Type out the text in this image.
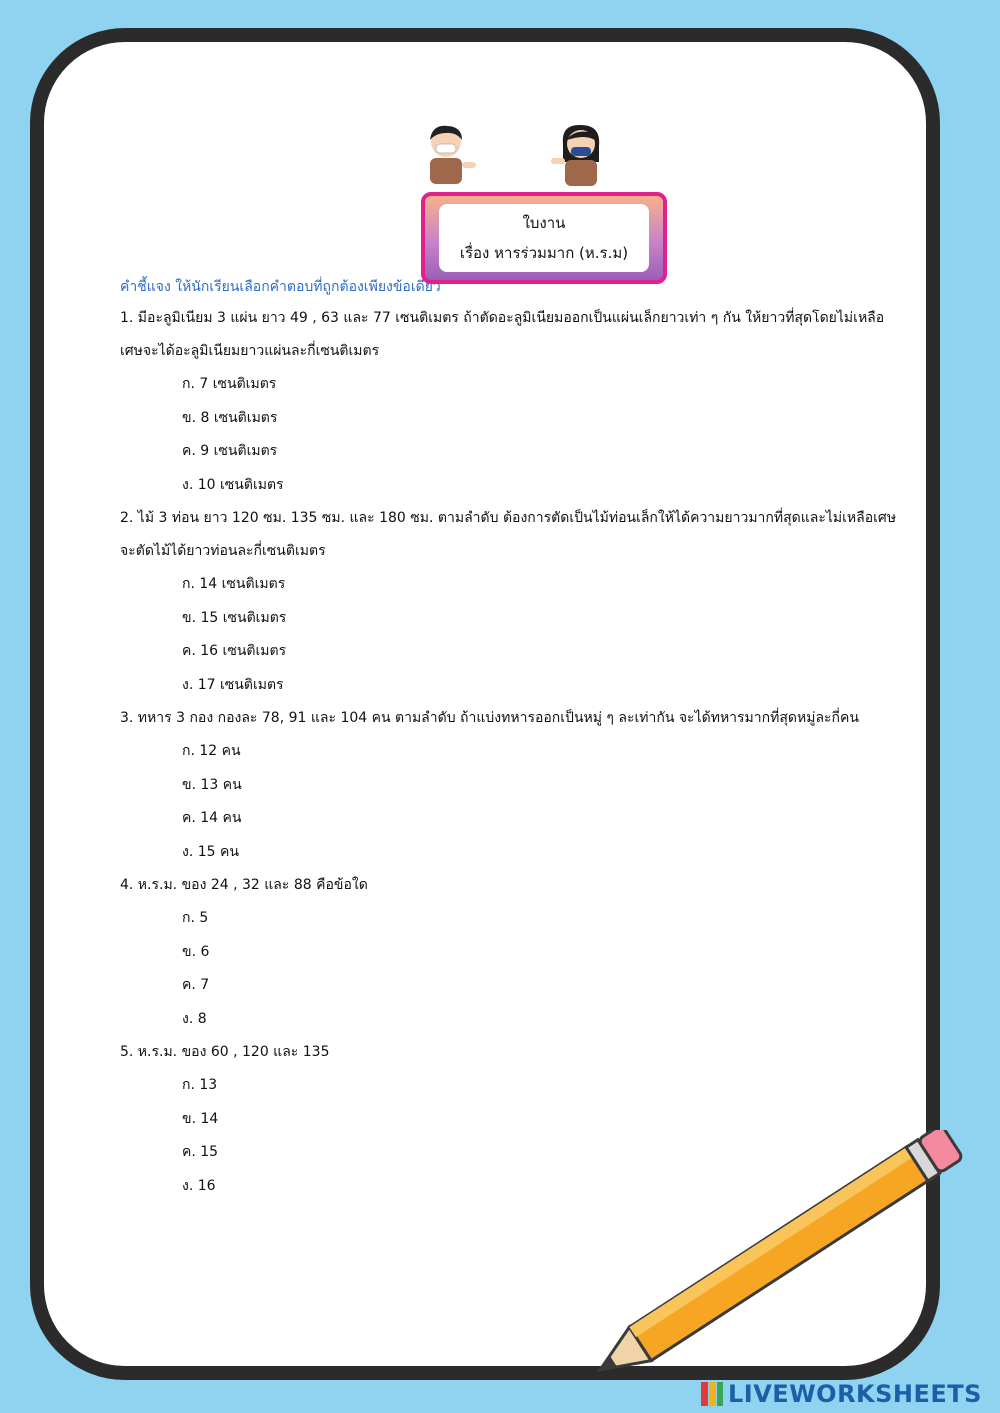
ใบงาน
เรื่อง หารร่วมมาก (ห.ร.ม)
คำชี้แจง ให้นักเรียนเลือกคำตอบที่ถูกต้องเพียงข้อเดียว
1. มีอะลูมิเนียม 3 แผ่น ยาว 49 , 63 และ 77 เซนติเมตร ถ้าตัดอะลูมิเนียมออกเป็นแผ่นเล็กยาวเท่า ๆ กัน ให้ยาวที่สุดโดยไม่เหลือเศษจะได้อะลูมิเนียมยาวแผ่นละกี่เซนติเมตร
ก. 7 เซนติเมตร
ข. 8 เซนติเมตร
ค. 9 เซนติเมตร
ง. 10 เซนติเมตร
2. ไม้ 3 ท่อน ยาว 120 ซม. 135 ซม. และ 180 ซม. ตามลำดับ ต้องการตัดเป็นไม้ท่อนเล็กให้ได้ความยาวมากที่สุดและไม่เหลือเศษจะตัดไม้ได้ยาวท่อนละกี่เซนติเมตร
ก. 14 เซนติเมตร
ข. 15 เซนติเมตร
ค. 16 เซนติเมตร
ง. 17 เซนติเมตร
3. ทหาร 3 กอง กองละ 78, 91 และ 104 คน ตามลำดับ ถ้าแบ่งทหารออกเป็นหมู่ ๆ ละเท่ากัน จะได้ทหารมากที่สุดหมู่ละกี่คน
ก. 12 คน
ข. 13 คน
ค. 14 คน
ง. 15 คน
4. ห.ร.ม. ของ 24 , 32 และ 88 คือข้อใด
ก. 5
ข. 6
ค. 7
ง. 8
5. ห.ร.ม. ของ 60 , 120 และ 135
ก. 13
ข. 14
ค. 15
ง. 16
LIVEWORKSHEETS
